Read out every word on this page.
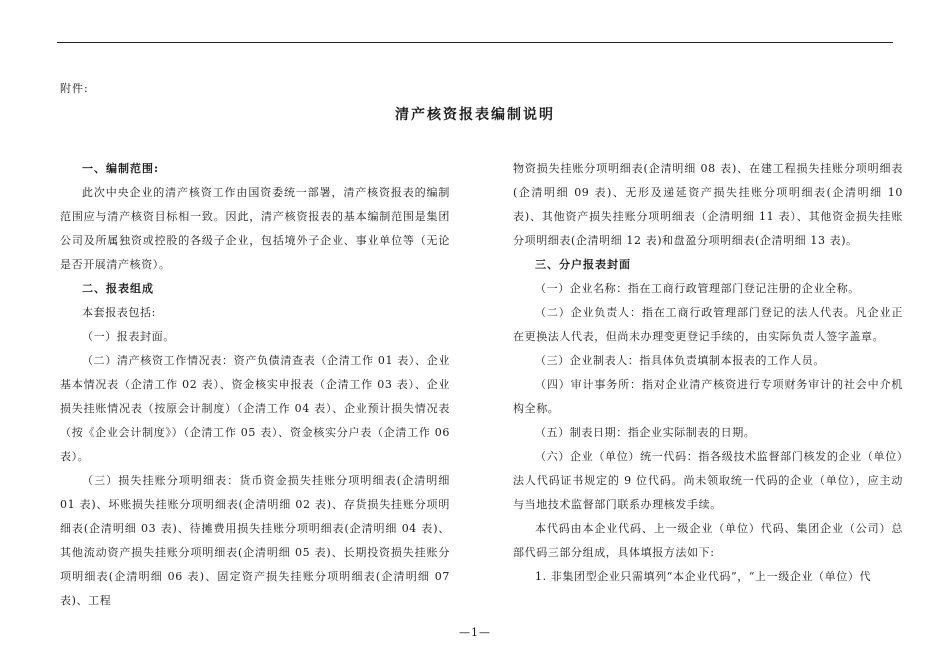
附件:
清产核资报表编制说明

一、编制范围:

此次中央企业的清产核资工作由国资委统一部署，清产核资报表的编制范围应与清产核资目标相一致。因此，清产核资报表的基本编制范围是集团公司及所属独资或控股的各级子企业，包括境外子企业、事业单位等（无论是否开展清产核资）。

二、报表组成

本套报表包括:

（一）报表封面。

（二）清产核资工作情况表：资产负债清查表（企清工作 01 表）、企业基本情况表（企清工作 02 表）、资金核实申报表（企清工作 03 表）、企业损失挂账情况表（按原会计制度）（企清工作 04 表）、企业预计损失情况表（按《企业会计制度》）（企清工作 05 表）、资金核实分户表（企清工作 06 表）。

（三）损失挂账分项明细表：货币资金损失挂账分项明细表(企清明细 01 表)、坏账损失挂账分项明细表(企清明细 02 表)、存货损失挂账分项明细表(企清明细 03 表)、待摊费用损失挂账分项明细表(企清明细 04 表)、其他流动资产损失挂账分项明细表(企清明细 05 表)、长期投资损失挂账分项明细表(企清明细 06 表)、固定资产损失挂账分项明细表(企清明细 07 表)、工程

物资损失挂账分项明细表(企清明细 08 表)、在建工程损失挂账分项明细表(企清明细 09 表)、无形及递延资产损失挂账分项明细表(企清明细 10 表)、其他资产损失挂账分项明细表（企清明细 11 表）、其他资金损失挂账分项明细表(企清明细 12 表)和盘盈分项明细表(企清明细 13 表)。

三、分户报表封面

（一）企业名称：指在工商行政管理部门登记注册的企业全称。

（二）企业负责人：指在工商行政管理部门登记的法人代表。凡企业正在更换法人代表，但尚未办理变更登记手续的，由实际负责人签字盖章。

（三）企业制表人：指具体负责填制本报表的工作人员。

（四）审计事务所：指对企业清产核资进行专项财务审计的社会中介机构全称。

（五）制表日期：指企业实际制表的日期。

（六）企业（单位）统一代码：指各级技术监督部门核发的企业（单位）法人代码证书规定的 9 位代码。尚未领取统一代码的企业（单位），应主动与当地技术监督部门联系办理核发手续。

本代码由本企业代码、上一级企业（单位）代码、集团企业（公司）总部代码三部分组成，具体填报方法如下:

1. 非集团型企业只需填列“本企业代码”，“上一级企业（单位）代

—1—
